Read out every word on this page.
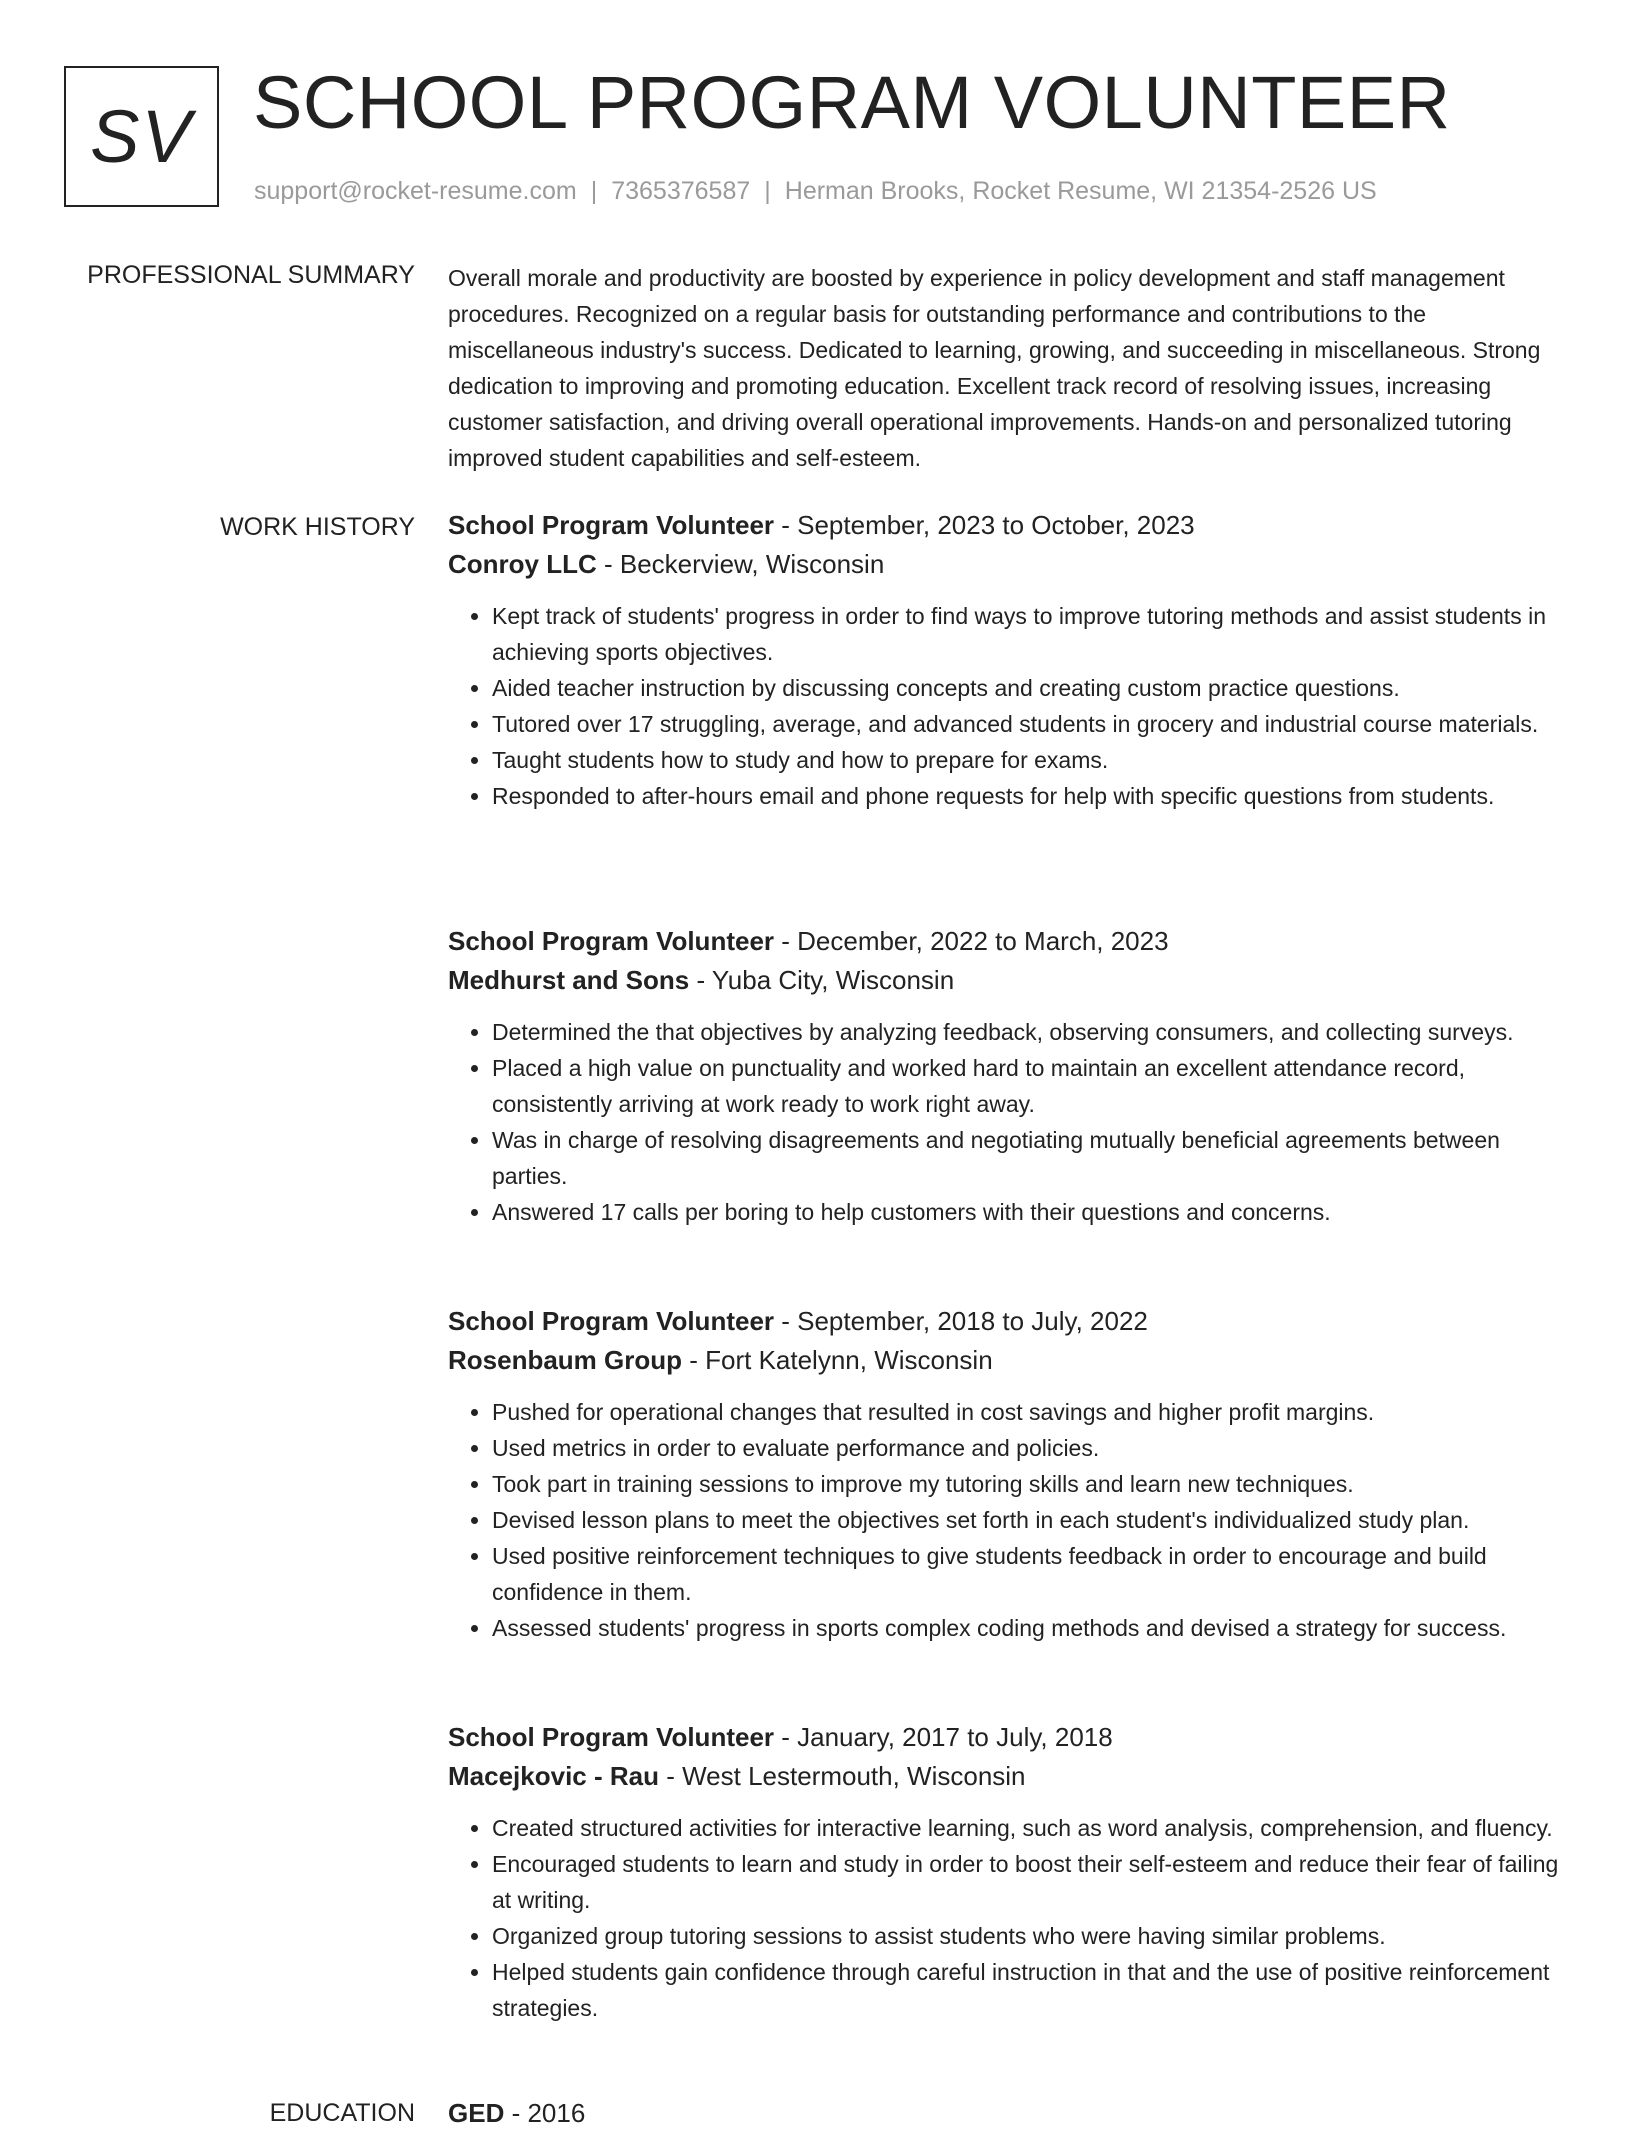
SV SCHOOL PROGRAM VOLUNTEER
support@rocket-resume.com | 7365376587 | Herman Brooks, Rocket Resume, WI 21354-2526 US
PROFESSIONAL SUMMARY Overall morale and productivity are boosted by experience in policy development and staff management procedures. Recognized on a regular basis for outstanding performance and contributions to the miscellaneous industry's success. Dedicated to learning, growing, and succeeding in miscellaneous. Strong dedication to improving and promoting education. Excellent track record of resolving issues, increasing customer satisfaction, and driving overall operational improvements. Hands-on and personalized tutoring improved student capabilities and self-esteem.
WORK HISTORY School Program Volunteer - September, 2023 to October, 2023
Conroy LLC - Beckerview, Wisconsin
• Kept track of students' progress in order to find ways to improve tutoring methods and assist students in achieving sports objectives.
• Aided teacher instruction by discussing concepts and creating custom practice questions.
• Tutored over 17 struggling, average, and advanced students in grocery and industrial course materials.
• Taught students how to study and how to prepare for exams.
• Responded to after-hours email and phone requests for help with specific questions from students.
School Program Volunteer - December, 2022 to March, 2023
Medhurst and Sons - Yuba City, Wisconsin
• Determined the that objectives by analyzing feedback, observing consumers, and collecting surveys.
• Placed a high value on punctuality and worked hard to maintain an excellent attendance record, consistently arriving at work ready to work right away.
• Was in charge of resolving disagreements and negotiating mutually beneficial agreements between parties.
• Answered 17 calls per boring to help customers with their questions and concerns.
School Program Volunteer - September, 2018 to July, 2022
Rosenbaum Group - Fort Katelynn, Wisconsin
• Pushed for operational changes that resulted in cost savings and higher profit margins.
• Used metrics in order to evaluate performance and policies.
• Took part in training sessions to improve my tutoring skills and learn new techniques.
• Devised lesson plans to meet the objectives set forth in each student's individualized study plan.
• Used positive reinforcement techniques to give students feedback in order to encourage and build confidence in them.
• Assessed students' progress in sports complex coding methods and devised a strategy for success.
School Program Volunteer - January, 2017 to July, 2018
Macejkovic - Rau - West Lestermouth, Wisconsin
• Created structured activities for interactive learning, such as word analysis, comprehension, and fluency.
• Encouraged students to learn and study in order to boost their self-esteem and reduce their fear of failing at writing.
• Organized group tutoring sessions to assist students who were having similar problems.
• Helped students gain confidence through careful instruction in that and the use of positive reinforcement strategies.
EDUCATION GED - 2016
